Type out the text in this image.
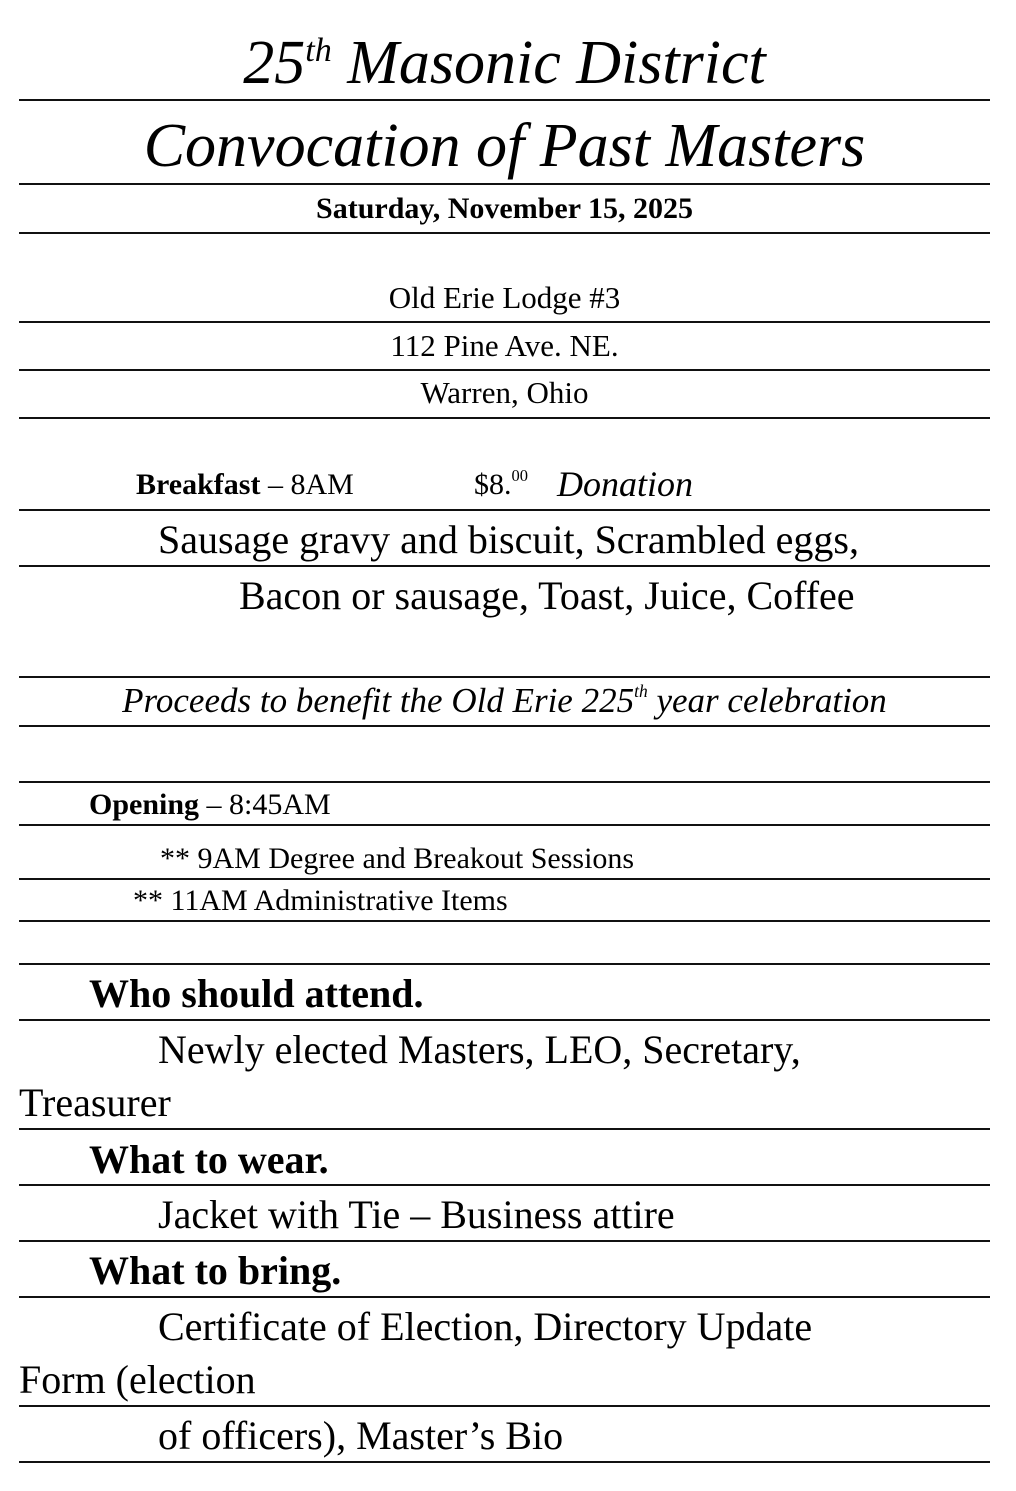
25th Masonic District
Convocation of Past Masters
Saturday, November 15, 2025
Old Erie Lodge #3
112 Pine Ave. NE.
Warren, Ohio
Breakfast – 8AM	$8.00 Donation
Sausage gravy and biscuit, Scrambled eggs,
Bacon or sausage, Toast, Juice, Coffee
Proceeds to benefit the Old Erie 225th year celebration
Opening – 8:45AM
** 9AM Degree and Breakout Sessions
** 11AM Administrative Items
Who should attend.
Newly elected Masters, LEO, Secretary,
Treasurer
What to wear.
Jacket with Tie – Business attire
What to bring.
Certificate of Election, Directory Update
Form (election
of officers), Master’s Bio
